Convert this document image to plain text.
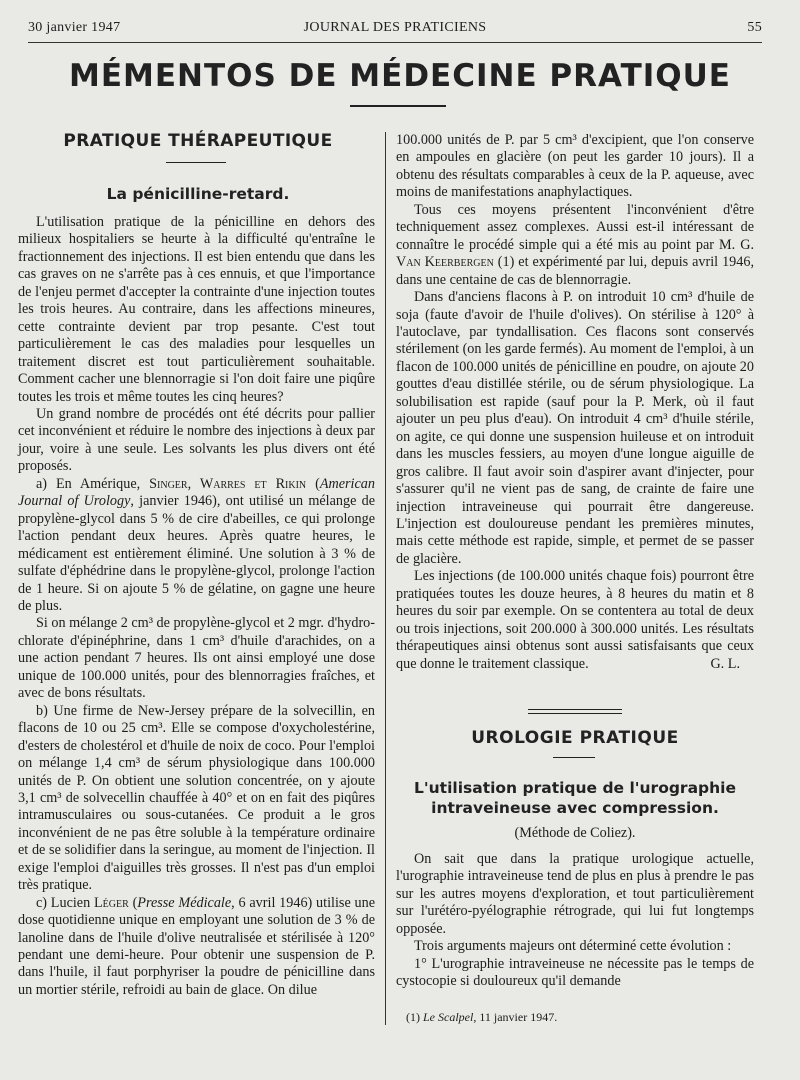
30 janvier 1947	JOURNAL DES PRATICIENS	55
MÉMENTOS DE MÉDECINE PRATIQUE
PRATIQUE THÉRAPEUTIQUE
La pénicilline-retard.

L'utilisation pratique de la pénicilline en dehors des milieux hospitaliers se heurte à la difficulté qu'entraîne le fractionnement des injections. Il est bien entendu que dans les cas graves on ne s'arrête pas à ces ennuis, et que l'importance de l'enjeu permet d'accepter la contrainte d'une injection toutes les trois heures. Au contraire, dans les affections mineures, cette contrainte devient par trop pesante. C'est tout particulièrement le cas des maladies pour lesquelles un traitement discret est tout particulièrement souhaitable. Comment cacher une blennorragie si l'on doit faire une piqûre toutes les trois et même toutes les cinq heures?

Un grand nombre de procédés ont été décrits pour pallier cet inconvénient et réduire le nombre des injections à deux par jour, voire à une seule. Les solvants les plus divers ont été proposés.

a) En Amérique, Singer, Warres et Rikin (American Journal of Urology, janvier 1946), ont utilisé un mélange de propylène-glycol dans 5 % de cire d'abeilles, ce qui prolonge l'action pendant deux heures. Après quatre heures, le médicament est entièrement éliminé. Une solution à 3 % de sulfate d'éphédrine dans le propylène-glycol, prolonge l'action de 1 heure. Si on ajoute 5 % de gélatine, on gagne une heure de plus.

Si on mélange 2 cm³ de propylène-glycol et 2 mgr. d'hydro-chlorate d'épinéphrine, dans 1 cm³ d'huile d'arachides, on a une action pendant 7 heures. Ils ont ainsi employé une dose unique de 100.000 unités, pour des blennorragies fraîches, et avec de bons résultats.

b) Une firme de New-Jersey prépare de la solvecillin, en flacons de 10 ou 25 cm³. Elle se compose d'oxycholestérine, d'esters de cholestérol et d'huile de noix de coco. Pour l'emploi on mélange 1,4 cm³ de sérum physiologique dans 100.000 unités de P. On obtient une solution concentrée, on y ajoute 3,1 cm³ de solvecellin chauffée à 40° et on en fait des piqûres intramusculaires ou sous-cutanées. Ce produit a le gros inconvénient de ne pas être soluble à la température ordinaire et de se solidifier dans la seringue, au moment de l'injection. Il exige l'emploi d'aiguilles très grosses. Il n'est pas d'un emploi très pratique.

c) Lucien Léger (Presse Médicale, 6 avril 1946) utilise une dose quotidienne unique en employant une solution de 3 % de lanoline dans de l'huile d'olive neutralisée et stérilisée à 120° pendant une demi-heure. Pour obtenir une suspension de P. dans l'huile, il faut porphyriser la poudre de pénicilline dans un mortier stérile, refroidi au bain de glace. On dilue

100.000 unités de P. par 5 cm³ d'excipient, que l'on conserve en ampoules en glacière (on peut les garder 10 jours). Il a obtenu des résultats comparables à ceux de la P. aqueuse, avec moins de manifestations anaphylactiques.

Tous ces moyens présentent l'inconvénient d'être techniquement assez complexes. Aussi est-il intéressant de connaître le procédé simple qui a été mis au point par M. G. Van Keerbergen (1) et expérimenté par lui, depuis avril 1946, dans une centaine de cas de blennorragie.

Dans d'anciens flacons à P. on introduit 10 cm³ d'huile de soja (faute d'avoir de l'huile d'olives). On stérilise à 120° à l'autoclave, par tyndallisation. Ces flacons sont conservés stérilement (on les garde fermés). Au moment de l'emploi, à un flacon de 100.000 unités de pénicilline en poudre, on ajoute 20 gouttes d'eau distillée stérile, ou de sérum physiologique. La solubilisation est rapide (sauf pour la P. Merk, où il faut ajouter un peu plus d'eau). On introduit 4 cm³ d'huile stérile, on agite, ce qui donne une suspension huileuse et on introduit dans les muscles fessiers, au moyen d'une longue aiguille de gros calibre. Il faut avoir soin d'aspirer avant d'injecter, pour s'assurer qu'il ne vient pas de sang, de crainte de faire une injection intraveineuse qui pourrait être dangereuse. L'injection est douloureuse pendant les premières minutes, mais cette méthode est rapide, simple, et permet de se passer de glacière.

Les injections (de 100.000 unités chaque fois) pourront être pratiquées toutes les douze heures, à 8 heures du matin et 8 heures du soir par exemple. On se contentera au total de deux ou trois injections, soit 200.000 à 300.000 unités. Les résultats thérapeutiques ainsi obtenus sont aussi satisfaisants que ceux que donne le traitement classique.	G. L.

UROLOGIE PRATIQUE
L'utilisation pratique de l'urographie
intraveineuse avec compression.
(Méthode de Coliez).

On sait que dans la pratique urologique actuelle, l'urographie intraveineuse tend de plus en plus à prendre le pas sur les autres moyens d'exploration, et tout particulièrement sur l'urétéro-pyélographie rétrograde, qui lui fut longtemps opposée.

Trois arguments majeurs ont déterminé cette évolution :

1° L'urographie intraveineuse ne nécessite pas le temps de cystocopie si douloureux qu'il demande

(1) Le Scalpel, 11 janvier 1947.
